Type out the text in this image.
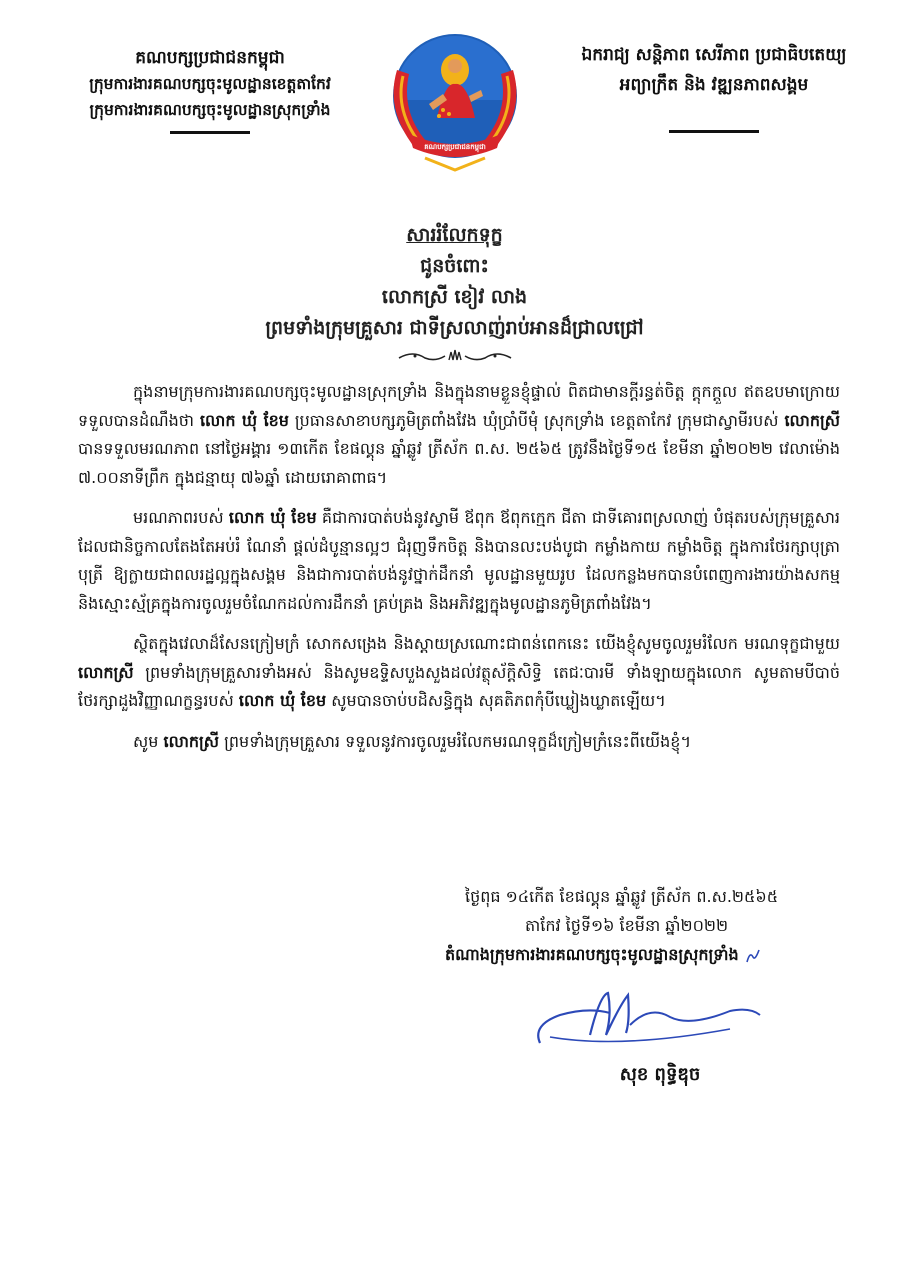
គណបក្សប្រជាជនកម្ពុជា
ក្រុមការងារគណបក្សចុះមូលដ្ឋានខេត្តតាកែវ
ក្រុមការងារគណបក្សចុះមូលដ្ឋានស្រុកទ្រាំង
គណបក្សប្រជាជនកម្ពុជា
ឯករាជ្យ សន្តិភាព សេរីភាព ប្រជាធិបតេយ្យ
អព្យាក្រឹត និង វឌ្ឍនភាពសង្គម
សាររំលែកទុក្ខ
ជូនចំពោះ
លោកស្រី ខៀវ លាង
ព្រមទាំងក្រុមគ្រួសារ ជាទីស្រលាញ់រាប់អានដ៏ជ្រាលជ្រៅ

ក្នុងនាមក្រុមការងារគណបក្សចុះមូលដ្ឋានស្រុកទ្រាំង និងក្នុងនាមខ្លួនខ្ញុំផ្ទាល់ ពិតជាមានក្តីរន្ធត់ចិត្ត ក្តុកក្តួល ឥតឧបមាក្រោយទទួលបានដំណឹងថា លោក ឃុំ ខែម ប្រធានសាខាបក្សភូមិត្រពាំងវែង ឃុំប្រាំបីមុំ ស្រុកទ្រាំង ខេត្តតាកែវ ក្រុមជាស្វាមីរបស់ លោកស្រី បានទទួលមរណភាព នៅថ្ងៃអង្គារ ១៣កើត ខែផល្គុន ឆ្នាំឆ្លូវ ត្រីស័ក ព.ស. ២៥៦៥ ត្រូវនឹងថ្ងៃទី១៥ ខែមីនា ឆ្នាំ២០២២ វេលាម៉ោង ៧.០០នាទីព្រឹក ក្នុងជន្មាយុ ៧៦ឆ្នាំ ដោយរោគាពាធ។

មរណភាពរបស់ លោក ឃុំ ខែម គឺជាការបាត់បង់នូវស្វាមី ឪពុក ឪពុកក្មេក ជីតា ជាទីគោរពស្រលាញ់ បំផុតរបស់ក្រុមគ្រួសារ ដែលជានិច្ចកាលតែងតែអប់រំ ណែនាំ ផ្តល់ដំបូន្មានល្អៗ ជំរុញទឹកចិត្ត និងបានលះបង់បូជា កម្លាំងកាយ កម្លាំងចិត្ត ក្នុងការថែរក្សាបុត្រា បុត្រី ឱ្យក្លាយជាពលរដ្ឋល្អក្នុងសង្គម និងជាការបាត់បង់នូវថ្នាក់ដឹកនាំ មូលដ្ឋានមួយរូប ដែលកន្លងមកបានបំពេញការងារយ៉ាងសកម្ម និងស្មោះស្ម័គ្រក្នុងការចូលរួមចំណែកដល់ការដឹកនាំ គ្រប់គ្រង និងអភិវឌ្ឍក្នុងមូលដ្ឋានភូមិត្រពាំងវែង។

ស្ថិតក្នុងវេលាដ៏សែនក្រៀមក្រំ សោកសង្រេង និងស្តាយស្រណោះជាពន់ពេកនេះ យើងខ្ញុំសូមចូលរួមរំលែក មរណទុក្ខជាមួយ លោកស្រី ព្រមទាំងក្រុមគ្រួសារទាំងអស់ និងសូមឧទ្ទិសបួងសួងដល់វត្ថុស័ក្តិសិទ្ធិ តេជៈបារមី ទាំងឡាយក្នុងលោក សូមតាមបីបាច់ថែរក្សាដួងវិញ្ញាណក្ខន្ធរបស់ លោក ឃុំ ខែម សូមបានចាប់បដិសន្ធិក្នុង សុគតិភពកុំបីឃ្លៀងឃ្លាតឡើយ។

សូម លោកស្រី ព្រមទាំងក្រុមគ្រួសារ ទទួលនូវការចូលរួមរំលែកមរណទុក្ខដ៏ក្រៀមក្រំនេះពីយើងខ្ញុំ។

ថ្ងៃពុធ ១៤កើត ខែផល្គុន ឆ្នាំឆ្លូវ ត្រីស័ក ព.ស.២៥៦៥
តាកែវ ថ្ងៃទី១៦ ខែមីនា ឆ្នាំ២០២២
តំណាងក្រុមការងារគណបក្សចុះមូលដ្ឋានស្រុកទ្រាំង
សុខ ពុទ្ធិឌុច
